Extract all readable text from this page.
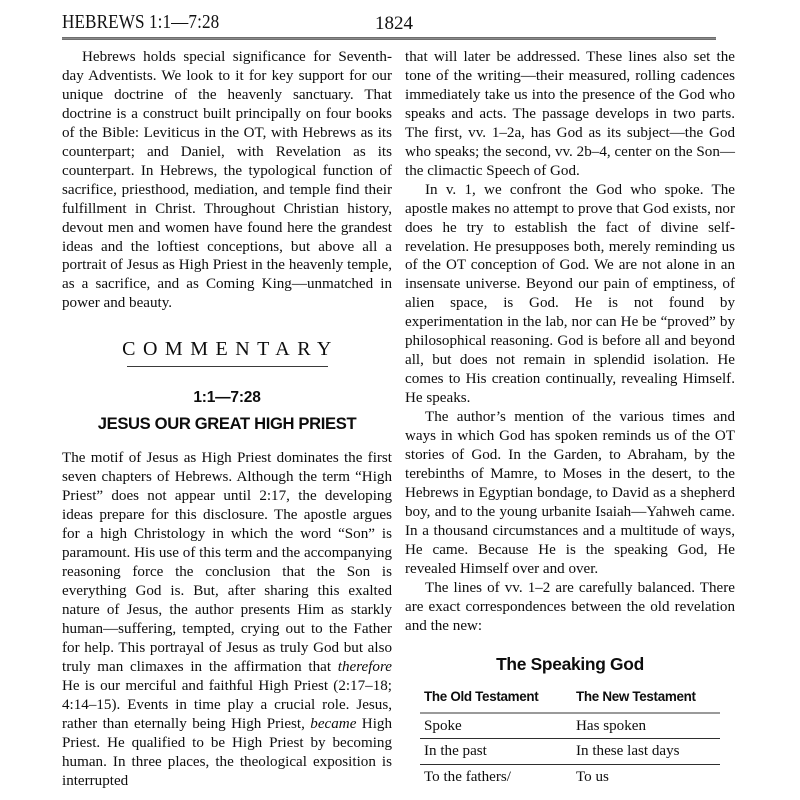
HEBREWS 1:1—7:28	1824

Hebrews holds special significance for Seventh-day Adventists. We look to it for key support for our unique doctrine of the heavenly sanctuary. That doctrine is a construct built principally on four books of the Bible: Leviticus in the OT, with Hebrews as its counterpart; and Daniel, with Revelation as its counterpart. In Hebrews, the typological function of sacrifice, priesthood, mediation, and temple find their fulfillment in Christ. Throughout Christian history, devout men and women have found here the grandest ideas and the loftiest conceptions, but above all a portrait of Jesus as High Priest in the heavenly temple, as a sacrifice, and as Coming King—unmatched in power and beauty.

COMMENTARY
1:1—7:28
JESUS OUR GREAT HIGH PRIEST

The motif of Jesus as High Priest dominates the first seven chapters of Hebrews. Although the term “High Priest” does not appear until 2:17, the developing ideas prepare for this disclosure. The apostle argues for a high Christology in which the word “Son” is paramount. His use of this term and the accompanying reasoning force the conclusion that the Son is everything God is. But, after sharing this exalted nature of Jesus, the author presents Him as starkly human—suffering, tempted, crying out to the Father for help. This portrayal of Jesus as truly God but also truly man climaxes in the affirmation that therefore He is our merciful and faithful High Priest (2:17–18; 4:14–15). Events in time play a crucial role. Jesus, rather than eternally being High Priest, became High Priest. He qualified to be High Priest by becoming human. In three places, the theological exposition is interrupted

that will later be addressed. These lines also set the tone of the writing—their measured, rolling cadences immediately take us into the presence of the God who speaks and acts. The passage develops in two parts. The first, vv. 1–2a, has God as its subject—the God who speaks; the second, vv. 2b–4, center on the Son—the climactic Speech of God.

In v. 1, we confront the God who spoke. The apostle makes no attempt to prove that God exists, nor does he try to establish the fact of divine self-revelation. He presupposes both, merely reminding us of the OT conception of God. We are not alone in an insensate universe. Beyond our pain of emptiness, of alien space, is God. He is not found by experimentation in the lab, nor can He be “proved” by philosophical reasoning. God is before all and beyond all, but does not remain in splendid isolation. He comes to His creation continually, revealing Himself. He speaks.

The author’s mention of the various times and ways in which God has spoken reminds us of the OT stories of God. In the Garden, to Abraham, by the terebinths of Mamre, to Moses in the desert, to the Hebrews in Egyptian bondage, to David as a shepherd boy, and to the young urbanite Isaiah—Yahweh came. In a thousand circumstances and a multitude of ways, He came. Because He is the speaking God, He revealed Himself over and over.

The lines of vv. 1–2 are carefully balanced. There are exact correspondences between the old revelation and the new:

The Speaking God
The Old Testament	The New Testament
Spoke	Has spoken
In the past	In these last days
To the fathers/	To us
